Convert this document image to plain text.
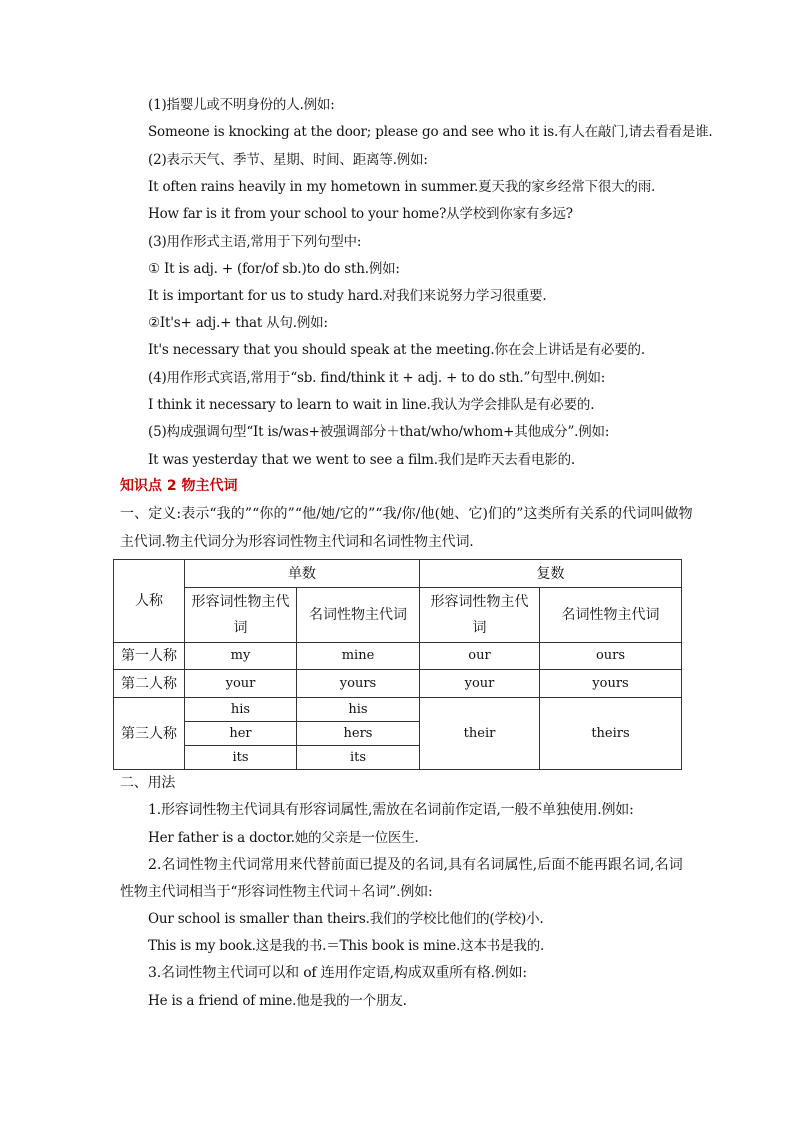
(1)指婴儿或不明身份的人.例如:
Someone is knocking at the door; please go and see who it is.有人在敲门,请去看看是谁.
(2)表示天气、季节、星期、时间、距离等.例如:
It often rains heavily in my hometown in summer.夏天我的家乡经常下很大的雨.
How far is it from your school to your home?从学校到你家有多远?
(3)用作形式主语,常用于下列句型中:
① It is adj. + (for/of sb.)to do sth.例如:
It is important for us to study hard.对我们来说努力学习很重要.
②It's+ adj.+ that 从句.例如:
It's necessary that you should speak at the meeting.你在会上讲话是有必要的.
(4)用作形式宾语,常用于“sb. find/think it + adj. + to do sth.”句型中.例如:
I think it necessary to learn to wait in line.我认为学会排队是有必要的.
(5)构成强调句型“It is/was+被强调部分＋that/who/whom+其他成分”.例如:
It was yesterday that we went to see a film.我们是昨天去看电影的.
知识点 2 物主代词
一、定义:表示“我的”“你的”“他/她/它的”“我/你/他(她、它)们的”这类所有关系的代词叫做物
主代词.物主代词分为形容词性物主代词和名词性物主代词.
人称	单数		复数	
	形容词性物主代词	名词性物主代词	形容词性物主代词	名词性物主代词
第一人称	my	mine	our	ours
第二人称	your	yours	your	yours
第三人称	his	his	their	theirs
	her	hers		
	its	its		
二、用法
1.形容词性物主代词具有形容词属性,需放在名词前作定语,一般不单独使用.例如:
Her father is a doctor.她的父亲是一位医生.
2.名词性物主代词常用来代替前面已提及的名词,具有名词属性,后面不能再跟名词,名词
性物主代词相当于“形容词性物主代词＋名词”.例如:
Our school is smaller than theirs.我们的学校比他们的(学校)小.
This is my book.这是我的书.＝This book is mine.这本书是我的.
3.名词性物主代词可以和 of 连用作定语,构成双重所有格.例如:
He is a friend of mine.他是我的一个朋友.
